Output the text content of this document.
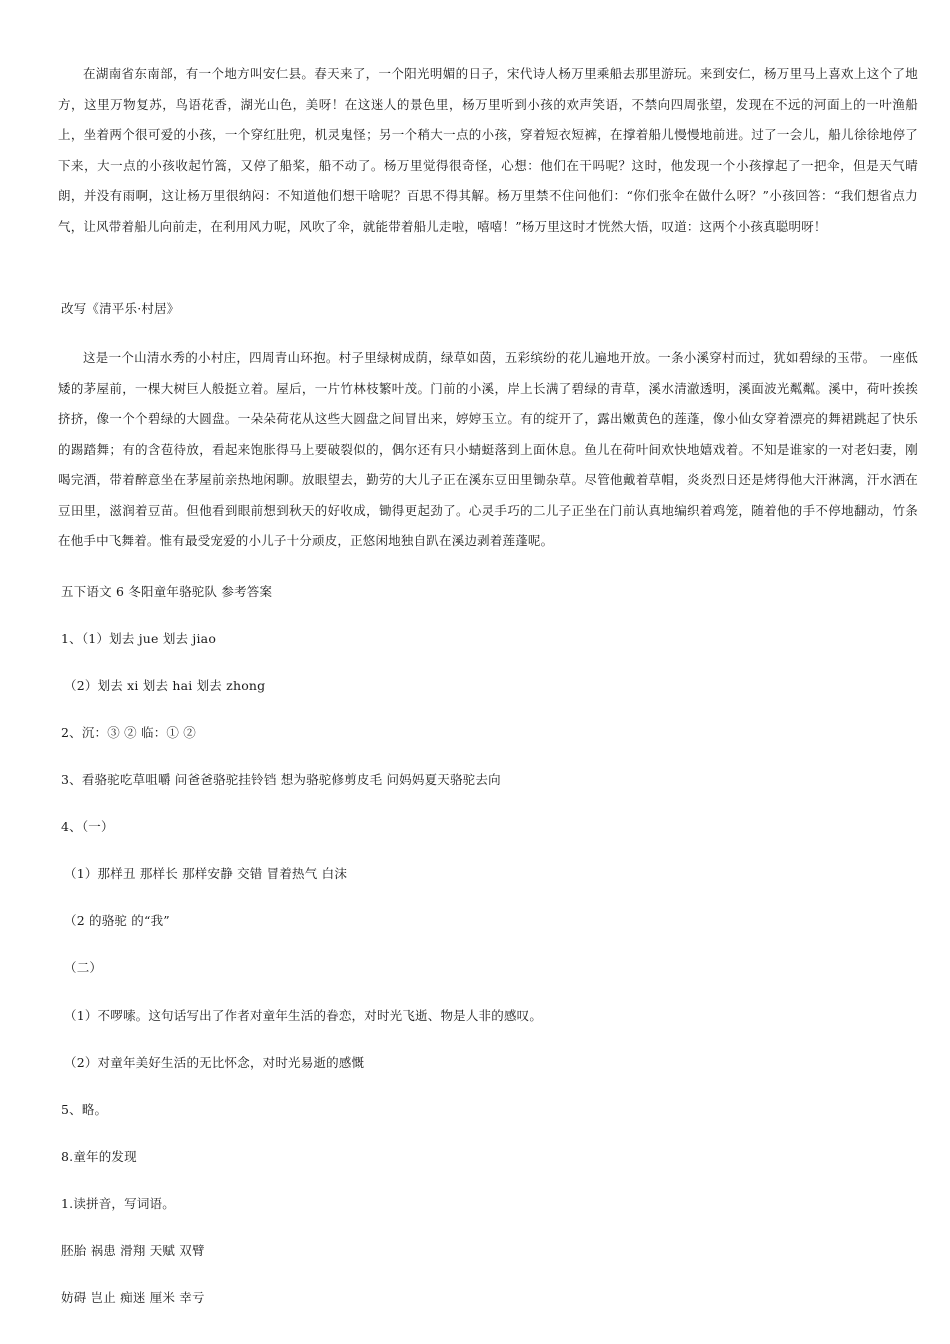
在湖南省东南部，有一个地方叫安仁县。春天来了，一个阳光明媚的日子，宋代诗人杨万里乘船去那里游玩。来到安仁，杨万里马上喜欢上这个了地方，这里万物复苏，鸟语花香，湖光山色，美呀！在这迷人的景色里，杨万里听到小孩的欢声笑语，不禁向四周张望，发现在不远的河面上的一叶渔船上，坐着两个很可爱的小孩，一个穿红肚兜，机灵鬼怪；另一个稍大一点的小孩，穿着短衣短裤，在撑着船儿慢慢地前进。过了一会儿，船儿徐徐地停了下来，大一点的小孩收起竹篙，又停了船桨，船不动了。杨万里觉得很奇怪，心想：他们在干吗呢？这时，他发现一个小孩撑起了一把伞，但是天气晴朗，并没有雨啊，这让杨万里很纳闷：不知道他们想干啥呢？百思不得其解。杨万里禁不住问他们：“你们张伞在做什么呀？”小孩回答：“我们想省点力气，让风带着船儿向前走，在利用风力呢，风吹了伞，就能带着船儿走啦，嘻嘻！”杨万里这时才恍然大悟，叹道：这两个小孩真聪明呀！

改写《清平乐·村居》

这是一个山清水秀的小村庄，四周青山环抱。村子里绿树成荫，绿草如茵，五彩缤纷的花儿遍地开放。一条小溪穿村而过，犹如碧绿的玉带。 一座低矮的茅屋前，一棵大树巨人般挺立着。屋后，一片竹林枝繁叶茂。门前的小溪，岸上长满了碧绿的青草，溪水清澈透明，溪面波光粼粼。溪中，荷叶挨挨挤挤，像一个个碧绿的大圆盘。一朵朵荷花从这些大圆盘之间冒出来，婷婷玉立。有的绽开了，露出嫩黄色的莲蓬，像小仙女穿着漂亮的舞裙跳起了快乐的踢踏舞；有的含苞待放，看起来饱胀得马上要破裂似的，偶尔还有只小蜻蜓落到上面休息。鱼儿在荷叶间欢快地嬉戏着。不知是谁家的一对老妇妻，刚喝完酒，带着醉意坐在茅屋前亲热地闲聊。放眼望去，勤劳的大儿子正在溪东豆田里锄杂草。尽管他戴着草帽，炎炎烈日还是烤得他大汗淋漓，汗水洒在豆田里，滋润着豆苗。但他看到眼前想到秋天的好收成，锄得更起劲了。心灵手巧的二儿子正坐在门前认真地编织着鸡笼，随着他的手不停地翻动，竹条在他手中飞舞着。惟有最受宠爱的小儿子十分顽皮，正悠闲地独自趴在溪边剥着莲蓬呢。

五下语文 6 冬阳童年骆驼队 参考答案

1、（1）划去 jue 划去 jiao

（2）划去 xi 划去 hai 划去 zhong

2、沉：③ ② 临：① ②

3、看骆驼吃草咀嚼 问爸爸骆驼挂铃铛 想为骆驼修剪皮毛 问妈妈夏天骆驼去向

4、（一）

（1）那样丑 那样长 那样安静 交错 冒着热气 白沫

（2 的骆驼 的“我”

（二）

（1）不啰嗦。这句话写出了作者对童年生活的眷恋，对时光飞逝、物是人非的感叹。

（2）对童年美好生活的无比怀念，对时光易逝的感慨

5、略。

8.童年的发现

1.读拼音，写词语。

胚胎 祸患 滑翔 天赋 双臂

妨碍 岂止 痴迷 厘米 幸亏
